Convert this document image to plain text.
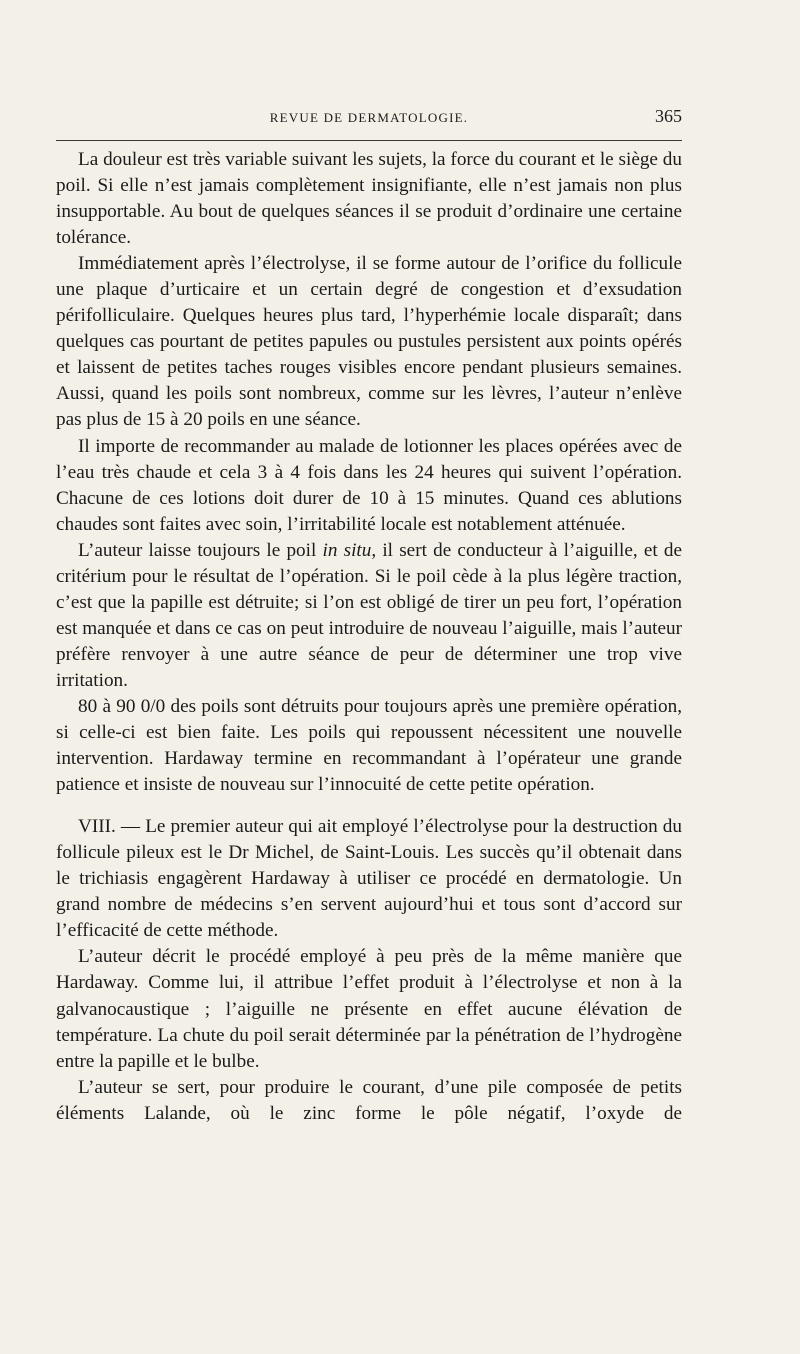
REVUE DE DERMATOLOGIE.	365

La douleur est très variable suivant les sujets, la force du courant et le siège du poil. Si elle n’est jamais complètement insignifiante, elle n’est jamais non plus insupportable. Au bout de quelques séances il se produit d’ordinaire une certaine tolérance.

Immédiatement après l’électrolyse, il se forme autour de l’orifice du follicule une plaque d’urticaire et un certain degré de congestion et d’exsudation périfolliculaire. Quelques heures plus tard, l’hyperhémie locale disparaît; dans quelques cas pourtant de petites papules ou pustules persistent aux points opérés et laissent de petites taches rouges visibles encore pendant plusieurs semaines. Aussi, quand les poils sont nombreux, comme sur les lèvres, l’auteur n’enlève pas plus de 15 à 20 poils en une séance.

Il importe de recommander au malade de lotionner les places opérées avec de l’eau très chaude et cela 3 à 4 fois dans les 24 heures qui suivent l’opération. Chacune de ces lotions doit durer de 10 à 15 minutes. Quand ces ablutions chaudes sont faites avec soin, l’irritabilité locale est notablement atténuée.

L’auteur laisse toujours le poil in situ, il sert de conducteur à l’aiguille, et de critérium pour le résultat de l’opération. Si le poil cède à la plus légère traction, c’est que la papille est détruite; si l’on est obligé de tirer un peu fort, l’opération est manquée et dans ce cas on peut introduire de nouveau l’aiguille, mais l’auteur préfère renvoyer à une autre séance de peur de déterminer une trop vive irritation.

80 à 90 0/0 des poils sont détruits pour toujours après une première opération, si celle-ci est bien faite. Les poils qui repoussent nécessitent une nouvelle intervention. Hardaway termine en recommandant à l’opérateur une grande patience et insiste de nouveau sur l’innocuité de cette petite opération.

VIII. — Le premier auteur qui ait employé l’électrolyse pour la destruction du follicule pileux est le Dr Michel, de Saint-Louis. Les succès qu’il obtenait dans le trichiasis engagèrent Hardaway à utiliser ce procédé en dermatologie. Un grand nombre de médecins s’en servent aujourd’hui et tous sont d’accord sur l’efficacité de cette méthode.

L’auteur décrit le procédé employé à peu près de la même manière que Hardaway. Comme lui, il attribue l’effet produit à l’électrolyse et non à la galvanocaustique ; l’aiguille ne présente en effet aucune élévation de température. La chute du poil serait déterminée par la pénétration de l’hydrogène entre la papille et le bulbe.

L’auteur se sert, pour produire le courant, d’une pile composée de petits éléments Lalande, où le zinc forme le pôle négatif, l’oxyde de
